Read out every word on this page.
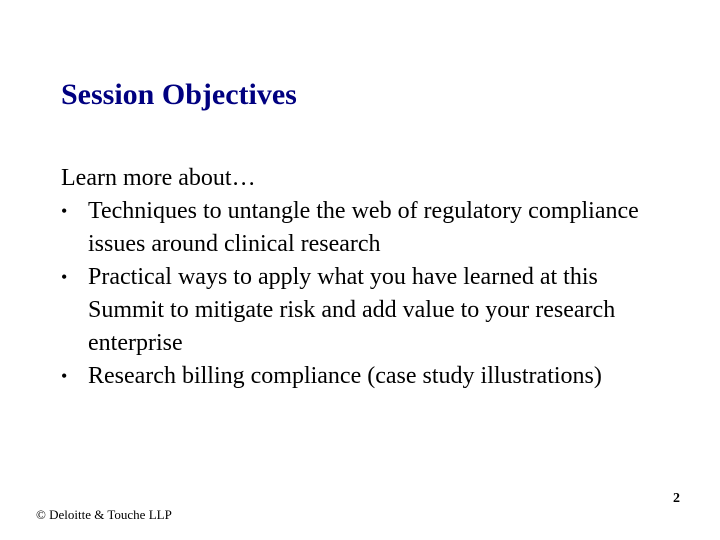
Session Objectives

Learn more about…

• Techniques to untangle the web of regulatory compliance issues around clinical research
• Practical ways to apply what you have learned at this Summit to mitigate risk and add value to your research enterprise
• Research billing compliance (case study illustrations)
© Deloitte & Touche LLP
2
